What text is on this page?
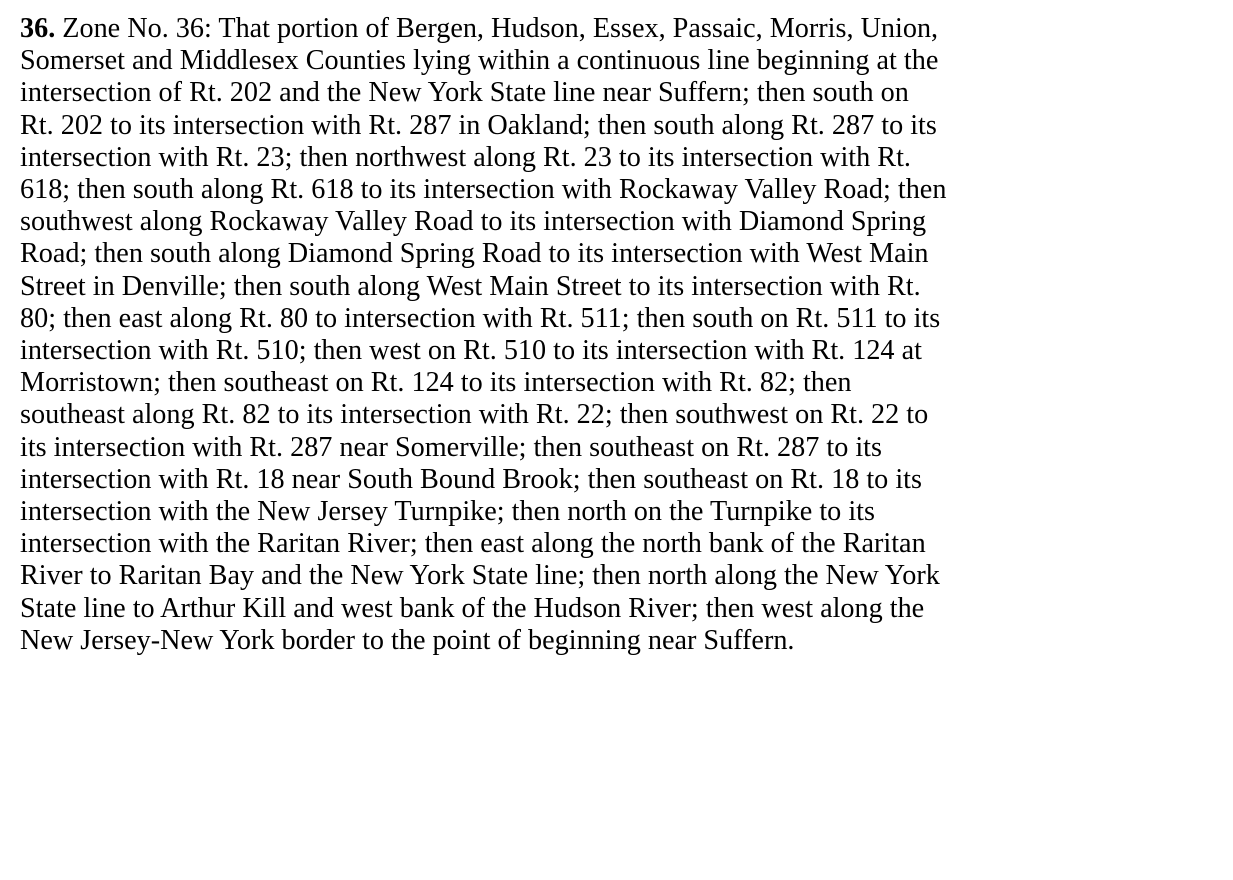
36. Zone No. 36: That portion of Bergen, Hudson, Essex, Passaic, Morris, Union,
Somerset and Middlesex Counties lying within a continuous line beginning at the
intersection of Rt. 202 and the New York State line near Suffern; then south on
Rt. 202 to its intersection with Rt. 287 in Oakland; then south along Rt. 287 to its
intersection with Rt. 23; then northwest along Rt. 23 to its intersection with Rt.
618; then south along Rt. 618 to its intersection with Rockaway Valley Road; then
southwest along Rockaway Valley Road to its intersection with Diamond Spring
Road; then south along Diamond Spring Road to its intersection with West Main
Street in Denville; then south along West Main Street to its intersection with Rt.
80; then east along Rt. 80 to intersection with Rt. 511; then south on Rt. 511 to its
intersection with Rt. 510; then west on Rt. 510 to its intersection with Rt. 124 at
Morristown; then southeast on Rt. 124 to its intersection with Rt. 82; then
southeast along Rt. 82 to its intersection with Rt. 22; then southwest on Rt. 22 to
its intersection with Rt. 287 near Somerville; then southeast on Rt. 287 to its
intersection with Rt. 18 near South Bound Brook; then southeast on Rt. 18 to its
intersection with the New Jersey Turnpike; then north on the Turnpike to its
intersection with the Raritan River; then east along the north bank of the Raritan
River to Raritan Bay and the New York State line; then north along the New York
State line to Arthur Kill and west bank of the Hudson River; then west along the
New Jersey-New York border to the point of beginning near Suffern.
